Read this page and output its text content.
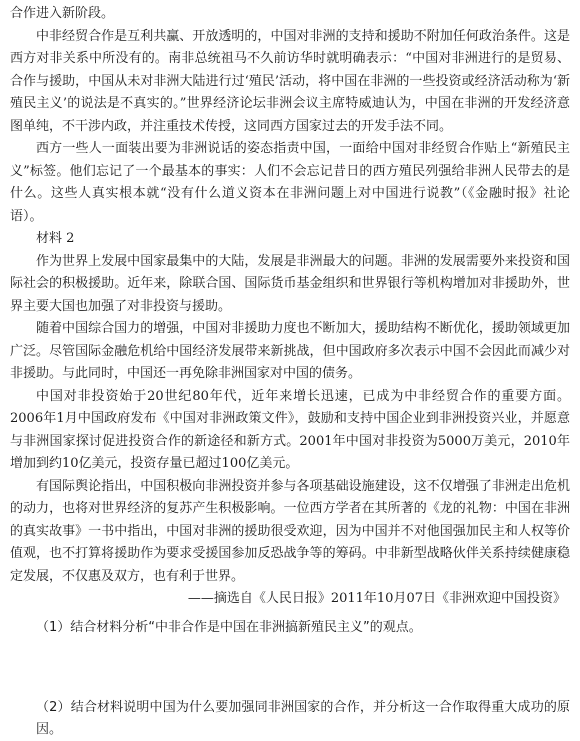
合作进入新阶段。

中非经贸合作是互利共赢、开放透明的，中国对非洲的支持和援助不附加任何政治条件。这是西方对非关系中所没有的。南非总统祖马不久前访华时就明确表示：“中国对非洲进行的是贸易、合作与援助，中国从未对非洲大陆进行过‘殖民’活动，将中国在非洲的一些投资或经济活动称为‘新殖民主义’的说法是不真实的。”世界经济论坛非洲会议主席特威迪认为，中国在非洲的开发经济意图单纯，不干涉内政，并注重技术传授，这同西方国家过去的开发手法不同。

西方一些人一面装出要为非洲说话的姿态指责中国，一面给中国对非经贸合作贴上“新殖民主义”标签。他们忘记了一个最基本的事实：人们不会忘记昔日的西方殖民列强给非洲人民带去的是什么。这些人真实根本就“没有什么道义资本在非洲问题上对中国进行说教”（《金融时报》社论语）。

材料 2

作为世界上发展中国家最集中的大陆，发展是非洲最大的问题。非洲的发展需要外来投资和国际社会的积极援助。近年来，除联合国、国际货币基金组织和世界银行等机构增加对非援助外，世界主要大国也加强了对非投资与援助。

随着中国综合国力的增强，中国对非援助力度也不断加大，援助结构不断优化，援助领域更加广泛。尽管国际金融危机给中国经济发展带来新挑战，但中国政府多次表示中国不会因此而减少对非援助。与此同时，中国还一再免除非洲国家对中国的债务。

中国对非投资始于20世纪80年代，近年来增长迅速，已成为中非经贸合作的重要方面。2006年1月中国政府发布《中国对非洲政策文件》，鼓励和支持中国企业到非洲投资兴业，并愿意与非洲国家探讨促进投资合作的新途径和新方式。2001年中国对非投资为5000万美元，2010年增加到约10亿美元，投资存量已超过100亿美元。

有国际舆论指出，中国积极向非洲投资并参与各项基础设施建设，这不仅增强了非洲走出危机的动力，也将对世界经济的复苏产生积极影响。一位西方学者在其所著的《龙的礼物：中国在非洲的真实故事》一书中指出，中国对非洲的援助很受欢迎，因为中国并不对他国强加民主和人权等价值观，也不打算将援助作为要求受援国参加反恐战争等的筹码。中非新型战略伙伴关系持续健康稳定发展，不仅惠及双方，也有利于世界。

——摘选自《人民日报》2011年10月07日《非洲欢迎中国投资》

（1）结合材料分析“中非合作是中国在非洲搞新殖民主义”的观点。

（2）结合材料说明中国为什么要加强同非洲国家的合作，并分析这一合作取得重大成功的原因。
